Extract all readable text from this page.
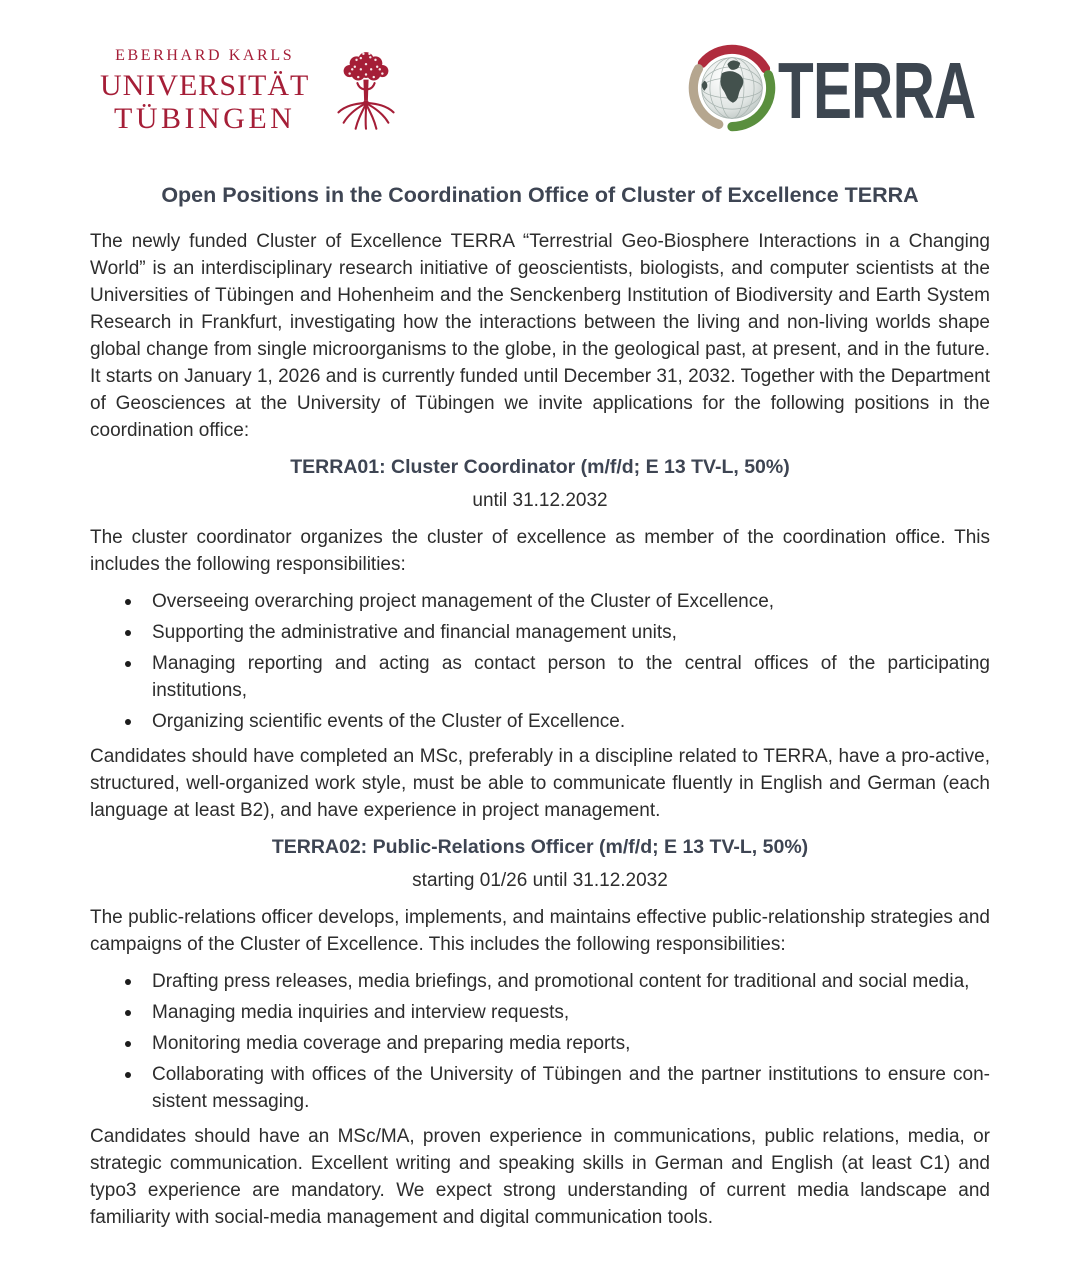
EBERHARD KARLS
UNIVERSITÄT
TÜBINGEN	TERRA
Open Positions in the Coordination Office of Cluster of Excellence TERRA

The newly funded Cluster of Excellence TERRA “Terrestrial Geo-Biosphere Interactions in a Changing World” is an interdisciplinary research initiative of geoscientists, biologists, and computer scientists at the Universities of Tübingen and Hohenheim and the Senckenberg Institution of Biodiversity and Earth System Research in Frankfurt, investigating how the interactions between the living and non-living worlds shape global change from single microorganisms to the globe, in the geological past, at present, and in the future. It starts on January 1, 2026 and is currently funded until December 31, 2032. Together with the Department of Geosciences at the University of Tübingen we invite applications for the following positions in the coordination office:

TERRA01: Cluster Coordinator (m/f/d; E 13 TV-L, 50%)

until 31.12.2032

The cluster coordinator organizes the cluster of excellence as member of the coordination office. This includes the following responsibilities:

Overseeing overarching project management of the Cluster of Excellence,
Supporting the administrative and financial management units,
Managing reporting and acting as contact person to the central offices of the participating institutions,
Organizing scientific events of the Cluster of Excellence.

Candidates should have completed an MSc, preferably in a discipline related to TERRA, have a pro-active, structured, well-organized work style, must be able to communicate fluently in English and German (each language at least B2), and have experience in project management.

TERRA02: Public-Relations Officer (m/f/d; E 13 TV-L, 50%)

starting 01/26 until 31.12.2032

The public-relations officer develops, implements, and maintains effective public-relationship strategies and campaigns of the Cluster of Excellence. This includes the following responsibilities:

Drafting press releases, media briefings, and promotional content for traditional and social media,
Managing media inquiries and interview requests,
Monitoring media coverage and preparing media reports,
Collaborating with offices of the University of Tübingen and the partner institutions to ensure consistent messaging.

Candidates should have an MSc/MA, proven experience in communications, public relations, media, or strategic communication. Excellent writing and speaking skills in German and English (at least C1) and typo3 experience are mandatory. We expect strong understanding of current media landscape and familiarity with social-media management and digital communication tools.
